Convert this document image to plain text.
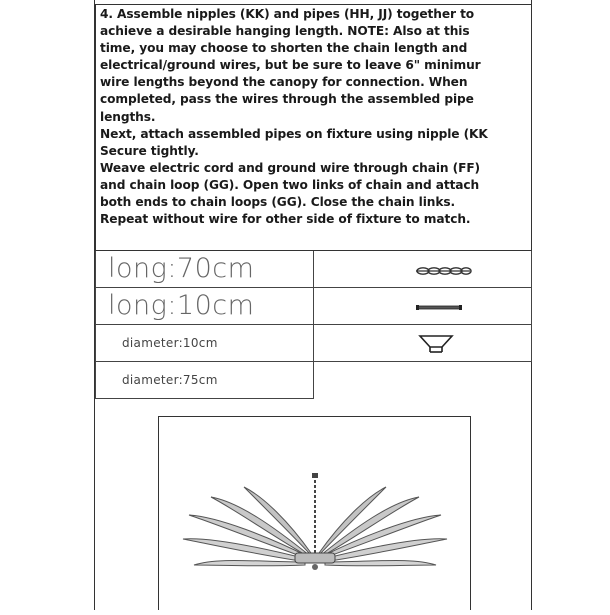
4. Assemble nipples (KK) and pipes (HH, JJ) together to

achieve a desirable hanging length. NOTE: Also at this

time, you may choose to shorten the chain length and

electrical/ground wires, but be sure to leave 6" minimur

wire lengths beyond the canopy for connection. When

completed, pass the wires through the assembled pipe

lengths.

Next, attach assembled pipes on fixture using nipple (KK

Secure tightly.

Weave electric cord and ground wire through chain (FF)

and chain loop (GG). Open two links of chain and attach

both ends to chain loops (GG). Close the chain links.

Repeat without wire for other side of fixture to match.

long:70cm
long:10cm
diameter:10cm
diameter:75cm
